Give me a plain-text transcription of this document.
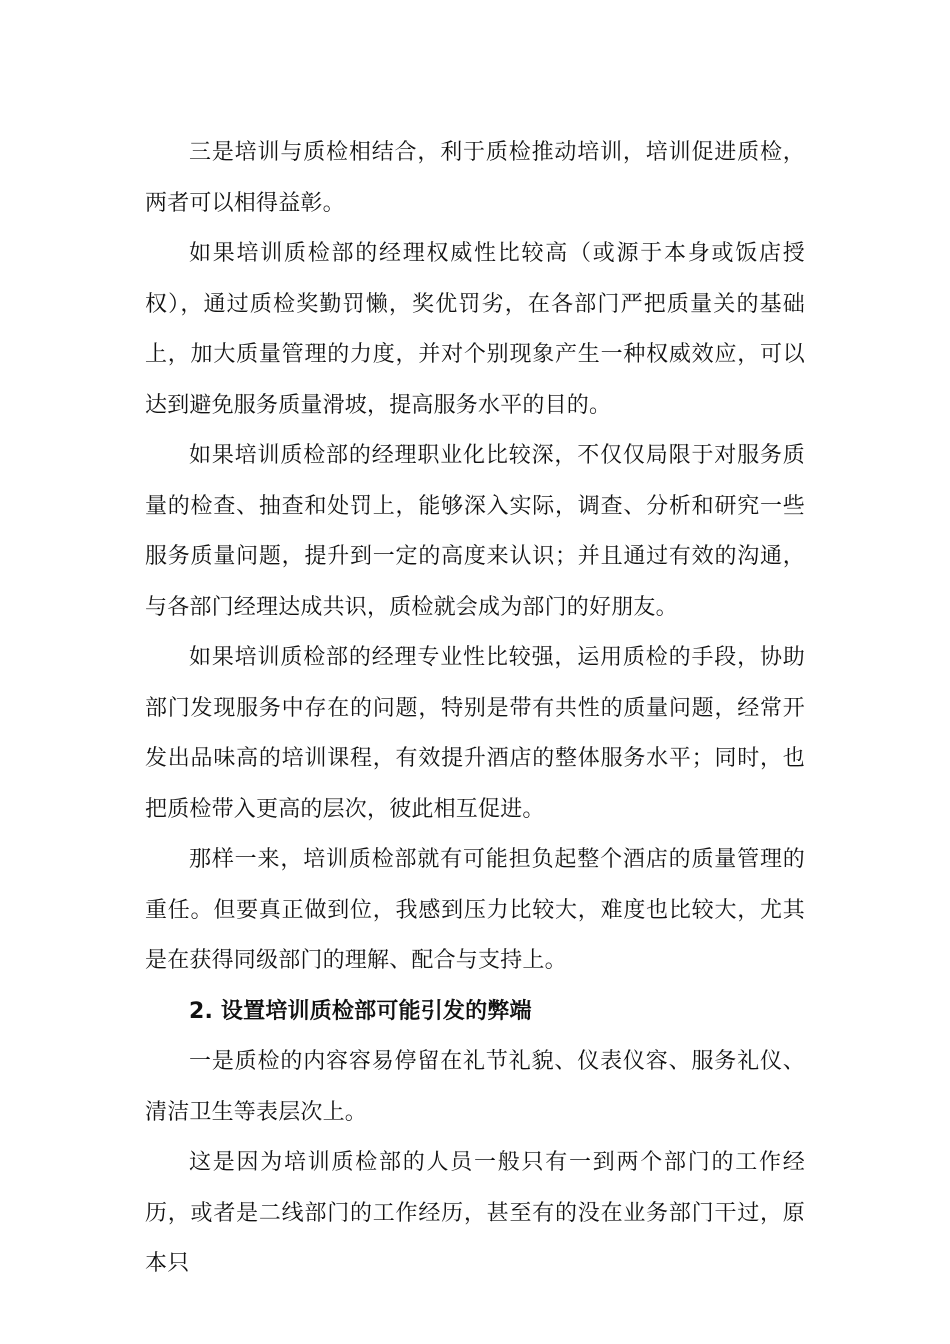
三是培训与质检相结合，利于质检推动培训，培训促进质检，两者可以相得益彰。

如果培训质检部的经理权威性比较高（或源于本身或饭店授权），通过质检奖勤罚懒，奖优罚劣，在各部门严把质量关的基础上，加大质量管理的力度，并对个别现象产生一种权威效应，可以达到避免服务质量滑坡，提高服务水平的目的。

如果培训质检部的经理职业化比较深，不仅仅局限于对服务质量的检查、抽查和处罚上，能够深入实际，调查、分析和研究一些服务质量问题，提升到一定的高度来认识；并且通过有效的沟通，与各部门经理达成共识，质检就会成为部门的好朋友。

如果培训质检部的经理专业性比较强，运用质检的手段，协助部门发现服务中存在的问题，特别是带有共性的质量问题，经常开发出品味高的培训课程，有效提升酒店的整体服务水平；同时，也把质检带入更高的层次，彼此相互促进。

那样一来，培训质检部就有可能担负起整个酒店的质量管理的重任。但要真正做到位，我感到压力比较大，难度也比较大，尤其是在获得同级部门的理解、配合与支持上。

2. 设置培训质检部可能引发的弊端

一是质检的内容容易停留在礼节礼貌、仪表仪容、服务礼仪、清洁卫生等表层次上。

这是因为培训质检部的人员一般只有一到两个部门的工作经历，或者是二线部门的工作经历，甚至有的没在业务部门干过，原本只
